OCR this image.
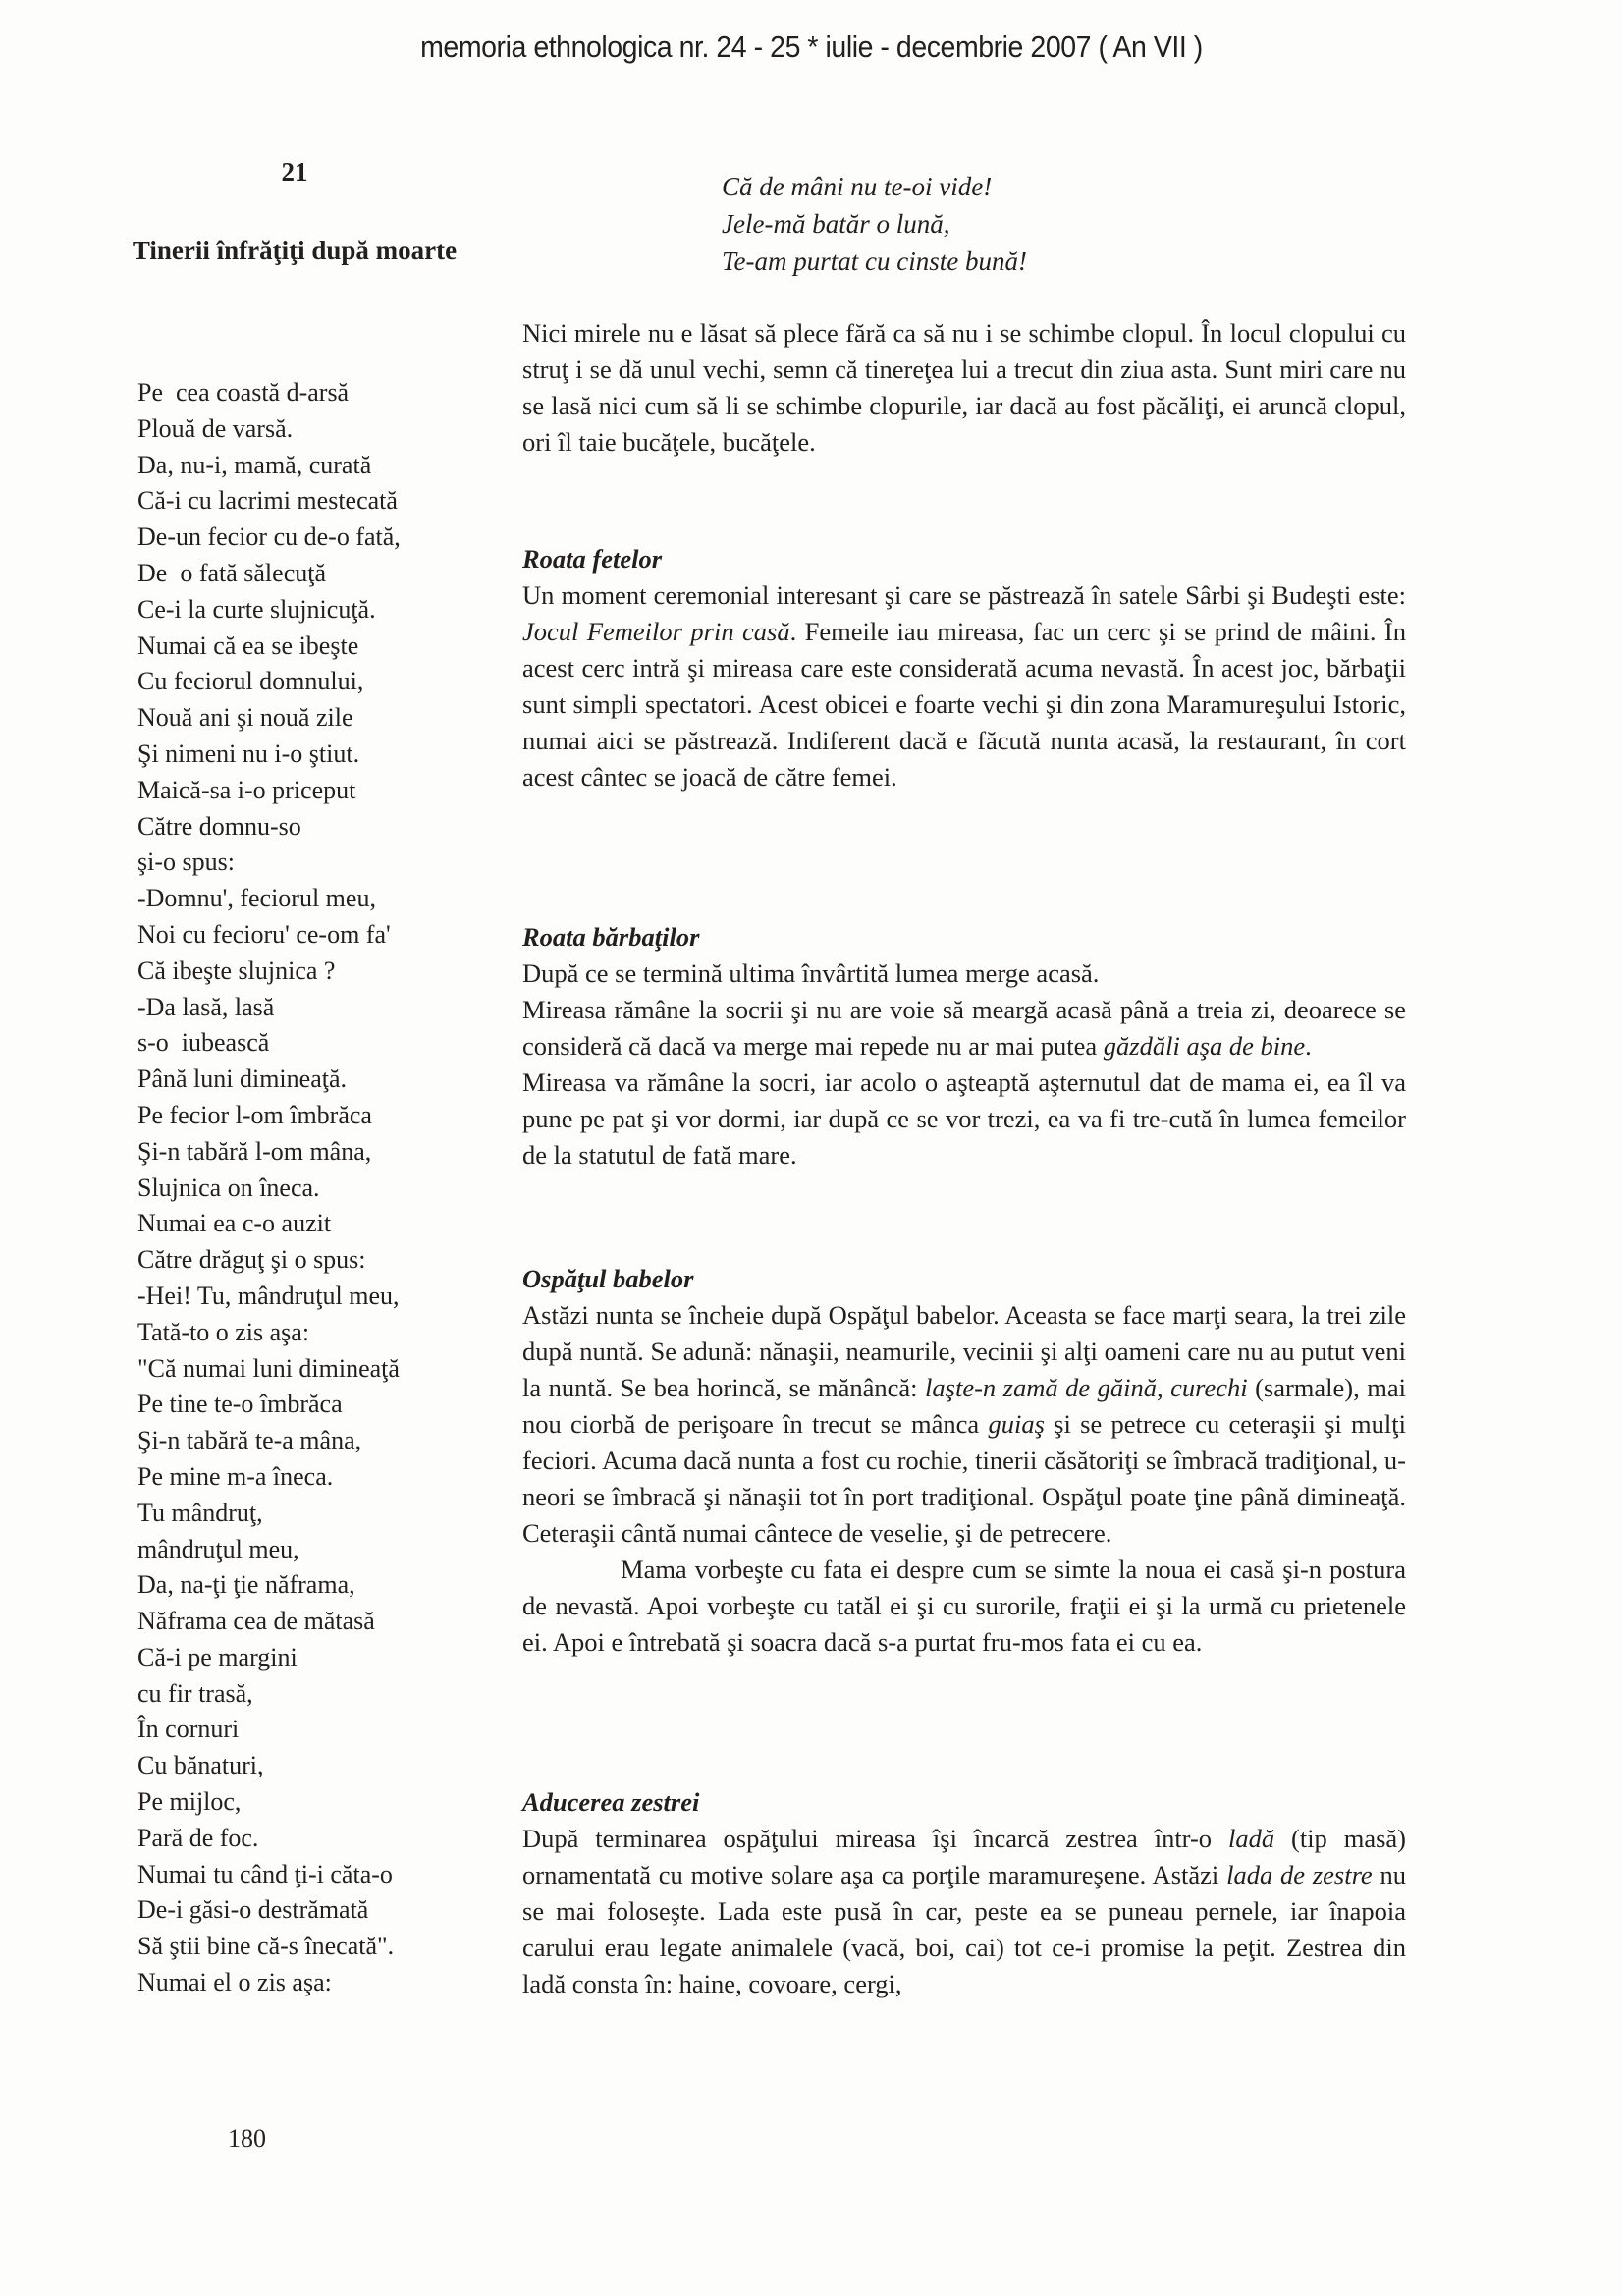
memoria ethnologica nr. 24 - 25 * iulie - decembrie 2007 ( An VII )
21
Tinerii înfrăţiţi după moarte
Pe  cea coastă d-arsă
Plouă de varsă.
Da, nu-i, mamă, curată
Că-i cu lacrimi mestecată
De-un fecior cu de-o fată,
De  o fată sălecuţă
Ce-i la curte slujnicuţă.
Numai că ea se ibeşte
Cu feciorul domnului,
Nouă ani şi nouă zile
Şi nimeni nu i-o ştiut.
Maică-sa i-o priceput
Către domnu-so
şi-o spus:
-Domnu', feciorul meu,
Noi cu fecioru' ce-om fa'
Că ibeşte slujnica ?
-Da lasă, lasă
s-o  iubească
Până luni dimineaţă.
Pe fecior l-om îmbrăca
Şi-n tabără l-om mâna,
Slujnica on îneca.
Numai ea c-o auzit
Către drăguţ şi o spus:
-Hei! Tu, mândruţul meu,
Tată-to o zis aşa:
"Că numai luni dimineaţă
Pe tine te-o îmbrăca
Şi-n tabără te-a mâna,
Pe mine m-a îneca.
Tu mândruţ,
mândruţul meu,
Da, na-ţi ţie năframa,
Năframa cea de mătasă
Că-i pe margini
cu fir trasă,
În cornuri
Cu bănaturi,
Pe mijloc,
Pară de foc.
Numai tu când ţi-i căta-o
De-i găsi-o destrămată
Să ştii bine că-s înecată".
Numai el o zis aşa:
Că de mâni nu te-oi vide!
Jele-mă batăr o lună,
Te-am purtat cu cinste bună!

Nici mirele nu e lăsat să plece fără ca să nu i se schimbe clopul. În locul clopului cu struţ i se dă unul vechi, semn că tinereţea lui a trecut din ziua asta. Sunt miri care nu se lasă nici cum să li se schimbe clopurile, iar dacă au fost păcăliţi, ei aruncă clopul, ori îl taie bucăţele, bucăţele.

Roata fetelor

Un moment ceremonial interesant şi care se păstrează în satele Sârbi şi Budeşti este: Jocul Femeilor prin casă. Femeile iau mireasa, fac un cerc şi se prind de mâini. În acest cerc intră şi mireasa care este considerată acuma nevastă. În acest joc, bărbaţii sunt simpli spectatori. Acest obicei e foarte vechi şi din zona Maramureşului Istoric, numai aici se păstrează. Indiferent dacă e făcută nunta acasă, la restaurant, în cort acest cântec se joacă de către femei.

Roata bărbaţilor

După ce se termină ultima învârtită lumea merge acasă.

Mireasa rămâne la socrii şi nu are voie să meargă acasă până a treia zi, deoarece se consideră că dacă va merge mai repede nu ar mai putea găzdăli aşa de bine.

Mireasa va rămâne la socri, iar acolo o aşteaptă aşternutul dat de mama ei, ea îl va pune pe pat şi vor dormi, iar după ce se vor trezi, ea va fi tre-cută în lumea femeilor de la statutul de fată mare.

Ospăţul babelor

Astăzi nunta se încheie după Ospăţul babelor. Aceasta se face marţi seara, la trei zile după nuntă. Se adună: nănaşii, neamurile, vecinii şi alţi oameni care nu au putut veni la nuntă. Se bea horincă, se mănâncă: laşte-n zamă de găină, curechi (sarmale), mai nou ciorbă de perişoare în trecut se mânca guiaş şi se petrece cu ceteraşii şi mulţi feciori. Acuma dacă nunta a fost cu rochie, tinerii căsătoriţi se îmbracă tradiţional, u-neori se îmbracă şi nănaşii tot în port tradiţional. Ospăţul poate ţine până dimineaţă. Ceteraşii cântă numai cântece de veselie, şi de petrecere.

Mama vorbeşte cu fata ei despre cum se simte la noua ei casă şi-n postura de nevastă. Apoi vorbeşte cu tatăl ei şi cu surorile, fraţii ei şi la urmă cu prietenele ei. Apoi e întrebată şi soacra dacă s-a purtat fru-mos fata ei cu ea.

Aducerea zestrei

După terminarea ospăţului mireasa îşi încarcă zestrea într-o ladă (tip masă) ornamentată cu motive solare aşa ca porţile maramureşene. Astăzi lada de zestre nu se mai foloseşte. Lada este pusă în car, peste ea se puneau pernele, iar înapoia carului erau legate animalele (vacă, boi, cai) tot ce-i promise la peţit. Zestrea din ladă consta în: haine, covoare, cergi,

180
